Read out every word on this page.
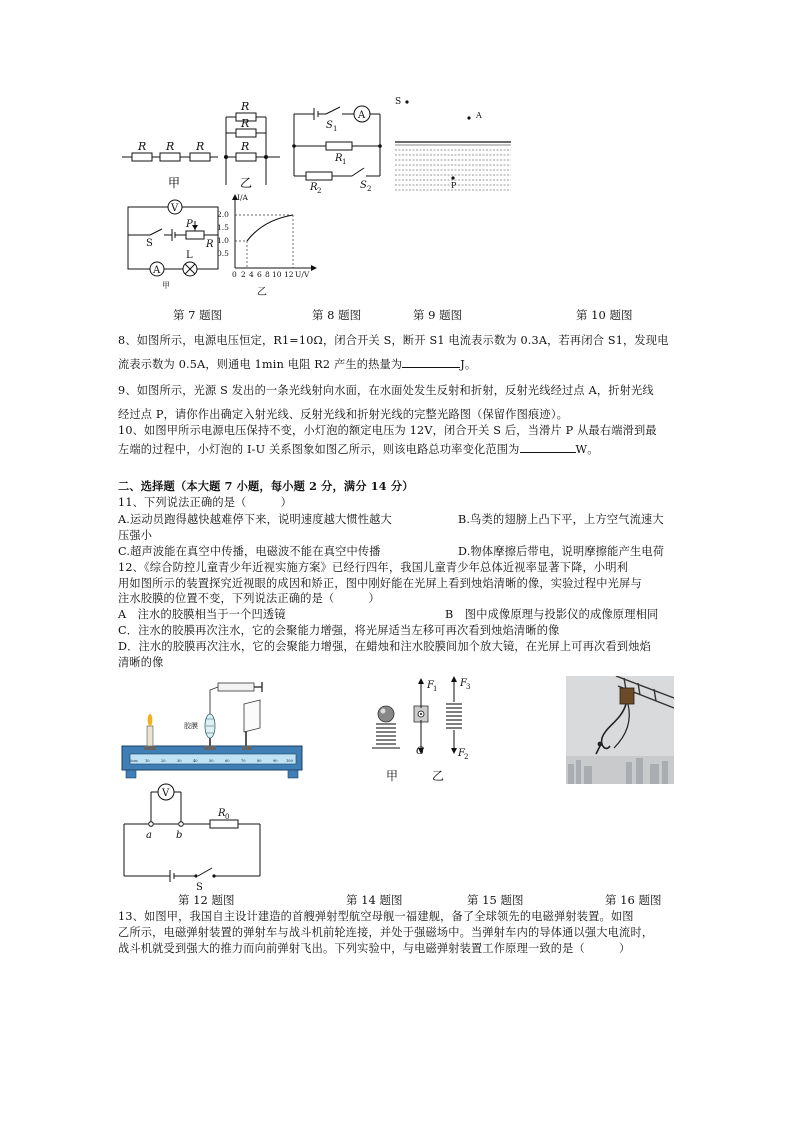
R R R
R
R
R
甲	乙
V
S
P
R
L
A
甲
I/A
2.0
1.5
1.0
0.5
0 2 4 6 8 10 12 U/V
乙
A
S 1
R 1
R 2	S 2
S
A
P
第 7 题图	第 8 题图	第 9 题图	第 10 题图
8、如图所示，电源电压恒定，R1=10Ω，闭合开关 S，断开 S1 电流表示数为 0.3A，若再闭合 S1，发现电
流表示数为 0.5A，则通电 1min 电阻 R2 产生的热量为	J。
9、如图所示，光源 S 发出的一条光线射向水面，在水面处发生反射和折射，反射光线经过点 A，折射光线
经过点 P，请你作出确定入射光线、反射光线和折射光线的完整光路图（保留作图痕迹）。
10、如图甲所示电源电压保持不变，小灯泡的额定电压为 12V，闭合开关 S 后，当滑片 P 从最右端滑到最
左端的过程中，小灯泡的 I-U 关系图象如图乙所示，则该电路总功率变化范围为	W。
二、选择题（本大题 7 小题，每小题 2 分，满分 14 分）
11、下列说法正确的是（　　　）
A.运动员跑得越快越难停下来，说明速度越大惯性越大	B.鸟类的翅膀上凸下平，上方空气流速大
压强小
C.超声波能在真空中传播，电磁波不能在真空中传播	D.物体摩擦后带电，说明摩擦能产生电荷
12、《综合防控儿童青少年近视实施方案》已经行四年，我国儿童青少年总体近视率显著下降，小明利
用如图所示的装置探究近视眼的成因和矫正，图中刚好能在光屏上看到烛焰清晰的像，实验过程中光屏与
注水胶膜的位置不变，下列说法正确的是（　　　）
A　注水的胶膜相当于一个凹透镜	B　图中成像原理与投影仪的成像原理相同
C．注水的胶膜再次注水，它的会聚能力增强，将光屏适当左移可再次看到烛焰清晰的像
D．注水的胶膜再次注水，它的会聚能力增强，在蜡烛和注水胶膜间加个放大镜，在光屏上可再次看到烛焰
清晰的像
0cm 10	20	30	40	50	60	70	80	90 100
胶膜
F 1 F 3
G	F 2
甲	乙
V
R 0
a b
S
第 12 题图	第 14 题图	第 15 题图	第 16 题图
13、如图甲，我国自主设计建造的首艘弹射型航空母舰一福建舰，备了全球领先的电磁弹射装置。如图
乙所示，电磁弹射装置的弹射车与战斗机前轮连接，并处于强磁场中。当弹射车内的导体通以强大电流时，
战斗机就受到强大的推力而向前弹射飞出。下列实验中，与电磁弹射装置工作原理一致的是（　　　）
